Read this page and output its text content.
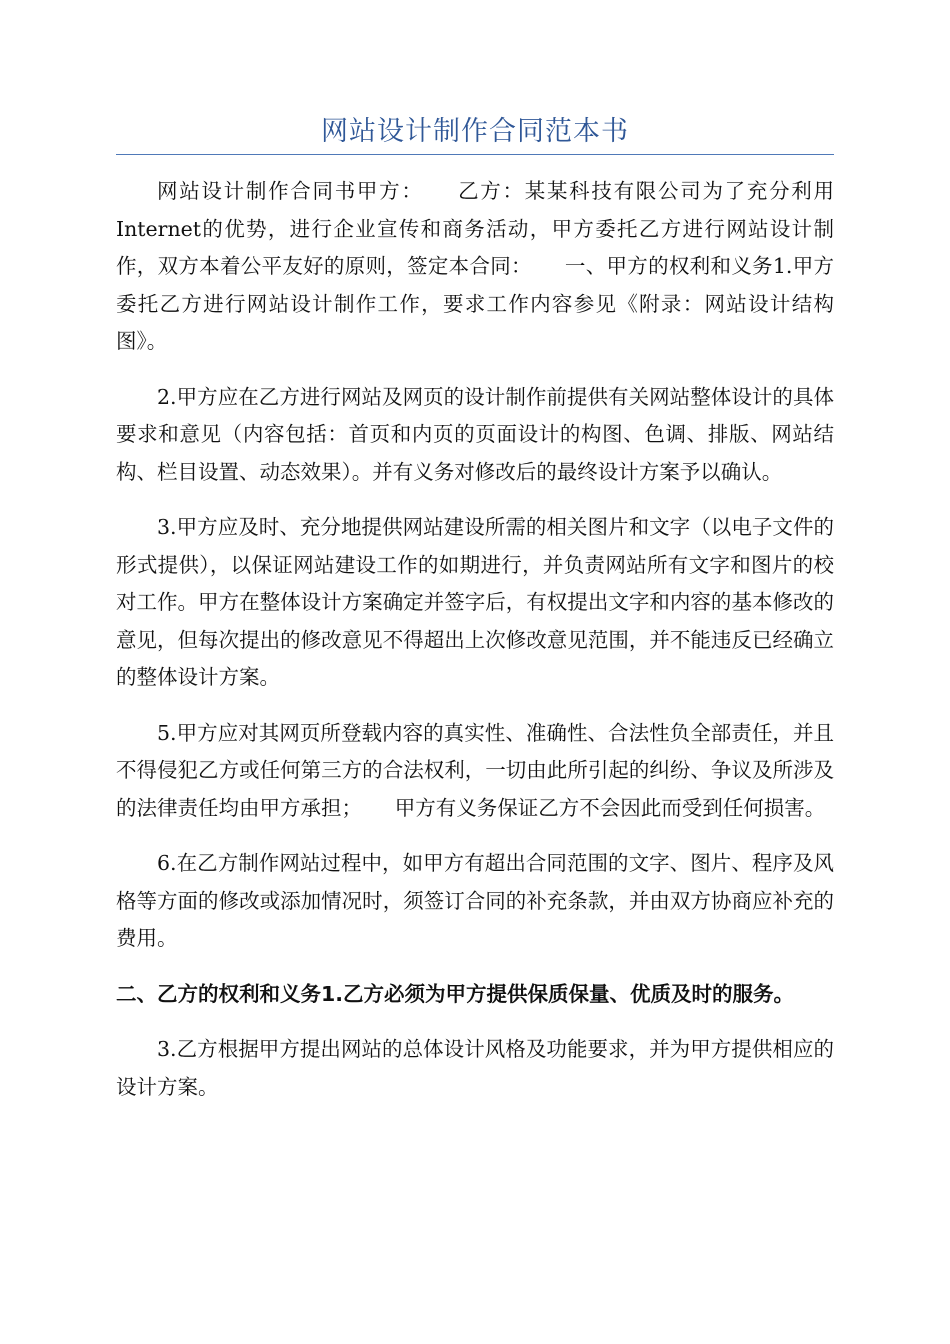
网站设计制作合同范本书

网站设计制作合同书甲方： 乙方：某某科技有限公司为了充分利用Internet的优势，进行企业宣传和商务活动，甲方委托乙方进行网站设计制作，双方本着公平友好的原则，签定本合同： 一、甲方的权利和义务1.甲方委托乙方进行网站设计制作工作，要求工作内容参见《附录：网站设计结构图》。

2.甲方应在乙方进行网站及网页的设计制作前提供有关网站整体设计的具体要求和意见（内容包括：首页和内页的页面设计的构图、色调、排版、网站结构、栏目设置、动态效果）。并有义务对修改后的最终设计方案予以确认。

3.甲方应及时、充分地提供网站建设所需的相关图片和文字（以电子文件的形式提供），以保证网站建设工作的如期进行，并负责网站所有文字和图片的校对工作。甲方在整体设计方案确定并签字后，有权提出文字和内容的基本修改的意见，但每次提出的修改意见不得超出上次修改意见范围，并不能违反已经确立的整体设计方案。

5.甲方应对其网页所登载内容的真实性、准确性、合法性负全部责任，并且不得侵犯乙方或任何第三方的合法权利，一切由此所引起的纠纷、争议及所涉及的法律责任均由甲方承担； 甲方有义务保证乙方不会因此而受到任何损害。

6.在乙方制作网站过程中，如甲方有超出合同范围的文字、图片、程序及风格等方面的修改或添加情况时，须签订合同的补充条款，并由双方协商应补充的费用。

二、乙方的权利和义务1.乙方必须为甲方提供保质保量、优质及时的服务。

3.乙方根据甲方提出网站的总体设计风格及功能要求，并为甲方提供相应的设计方案。
